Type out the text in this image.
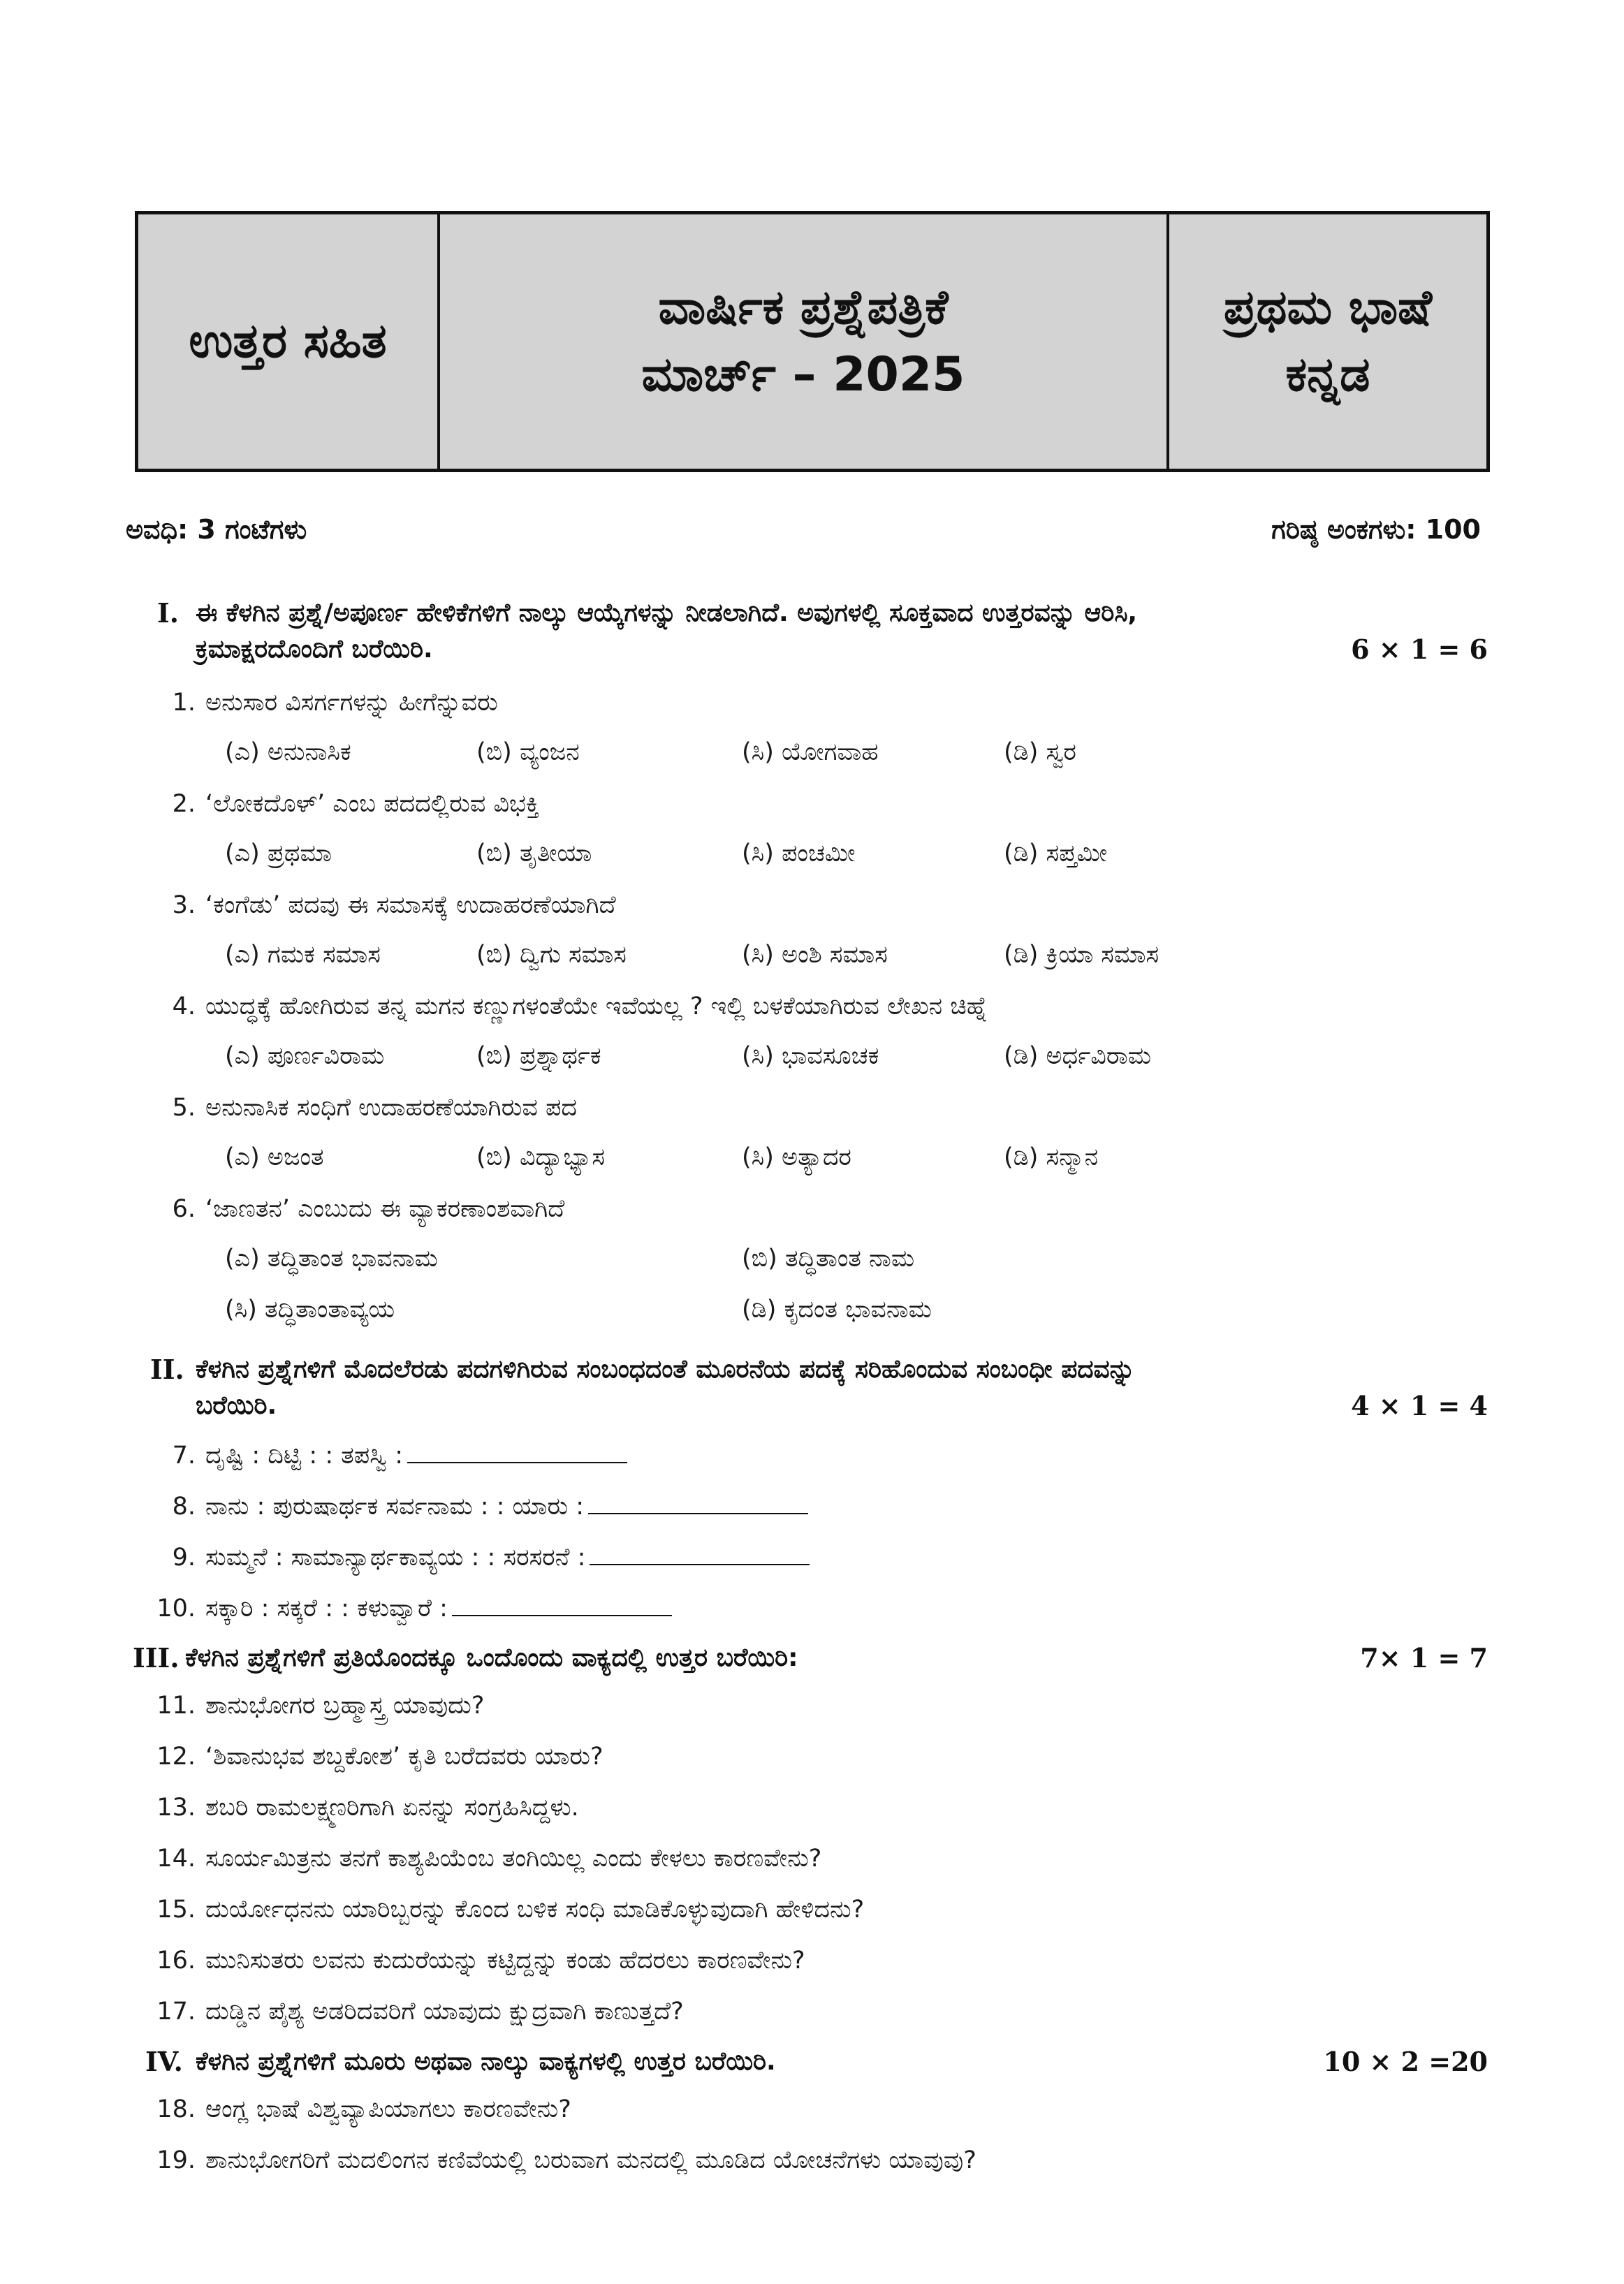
ಉತ್ತರ ಸಹಿತ
ವಾರ್ಷಿಕ ಪ್ರಶ್ನೆಪತ್ರಿಕೆ
ಮಾರ್ಚ್ – 2025
ಪ್ರಥಮ ಭಾಷೆ
ಕನ್ನಡ
ಅವಧಿ: 3 ಗಂಟೆಗಳು	ಗರಿಷ್ಠ ಅಂಕಗಳು: 100
I. ಈ ಕೆಳಗಿನ ಪ್ರಶ್ನೆ/ಅಪೂರ್ಣ ಹೇಳಿಕೆಗಳಿಗೆ ನಾಲ್ಕು ಆಯ್ಕೆಗಳನ್ನು ನೀಡಲಾಗಿದೆ. ಅವುಗಳಲ್ಲಿ ಸೂಕ್ತವಾದ ಉತ್ತರವನ್ನು ಆರಿಸಿ,
ಕ್ರಮಾಕ್ಷರದೊಂದಿಗೆ ಬರೆಯಿರಿ.	6 × 1 = 6
1. ಅನುಸಾರ ವಿಸರ್ಗಗಳನ್ನು ಹೀಗೆನ್ನುವರು
(ಎ) ಅನುನಾಸಿಕ	(ಬಿ) ವ್ಯಂಜನ	(ಸಿ) ಯೋಗವಾಹ	(ಡಿ) ಸ್ವರ
2. ‘ಲೋಕದೊಳ್’ ಎಂಬ ಪದದಲ್ಲಿರುವ ವಿಭಕ್ತಿ
(ಎ) ಪ್ರಥಮಾ	(ಬಿ) ತೃತೀಯಾ	(ಸಿ) ಪಂಚಮೀ	(ಡಿ) ಸಪ್ತಮೀ
3. ‘ಕಂಗೆಡು’ ಪದವು ಈ ಸಮಾಸಕ್ಕೆ ಉದಾಹರಣೆಯಾಗಿದೆ
(ಎ) ಗಮಕ ಸಮಾಸ	(ಬಿ) ದ್ವಿಗು ಸಮಾಸ	(ಸಿ) ಅಂಶಿ ಸಮಾಸ	(ಡಿ) ಕ್ರಿಯಾ ಸಮಾಸ
4. ಯುದ್ಧಕ್ಕೆ ಹೋಗಿರುವ ತನ್ನ ಮಗನ ಕಣ್ಣುಗಳಂತೆಯೇ ಇವೆಯಲ್ಲ ? ಇಲ್ಲಿ ಬಳಕೆಯಾಗಿರುವ ಲೇಖನ ಚಿಹ್ನೆ
(ಎ) ಪೂರ್ಣವಿರಾಮ	(ಬಿ) ಪ್ರಶ್ನಾರ್ಥಕ	(ಸಿ) ಭಾವಸೂಚಕ	(ಡಿ) ಅರ್ಧವಿರಾಮ
5. ಅನುನಾಸಿಕ ಸಂಧಿಗೆ ಉದಾಹರಣೆಯಾಗಿರುವ ಪದ
(ಎ) ಅಜಂತ	(ಬಿ) ವಿದ್ಯಾಭ್ಯಾಸ	(ಸಿ) ಅತ್ಯಾದರ	(ಡಿ) ಸನ್ಮಾನ
6. ‘ಜಾಣತನ’ ಎಂಬುದು ಈ ವ್ಯಾಕರಣಾಂಶವಾಗಿದೆ
(ಎ) ತದ್ಧಿತಾಂತ ಭಾವನಾಮ	(ಬಿ) ತದ್ಧಿತಾಂತ ನಾಮ
(ಸಿ) ತದ್ಧಿತಾಂತಾವ್ಯಯ	(ಡಿ) ಕೃದಂತ ಭಾವನಾಮ
II. ಕೆಳಗಿನ ಪ್ರಶ್ನೆಗಳಿಗೆ ಮೊದಲೆರಡು ಪದಗಳಿಗಿರುವ ಸಂಬಂಧದಂತೆ ಮೂರನೆಯ ಪದಕ್ಕೆ ಸರಿಹೊಂದುವ ಸಂಬಂಧೀ ಪದವನ್ನು
ಬರೆಯಿರಿ.	4 × 1 = 4
7. ದೃಷ್ಟಿ : ದಿಟ್ಟಿ : : ತಪಸ್ವಿ :
8. ನಾನು : ಪುರುಷಾರ್ಥಕ ಸರ್ವನಾಮ : : ಯಾರು :
9. ಸುಮ್ಮನೆ : ಸಾಮಾನ್ಯಾರ್ಥಕಾವ್ಯಯ : : ಸರಸರನೆ :
10. ಸಕ್ಕಾರಿ : ಸಕ್ಕರೆ : : ಕಳುವ್ವಾರೆ :
III. ಕೆಳಗಿನ ಪ್ರಶ್ನೆಗಳಿಗೆ ಪ್ರತಿಯೊಂದಕ್ಕೂ ಒಂದೊಂದು ವಾಕ್ಯದಲ್ಲಿ ಉತ್ತರ ಬರೆಯಿರಿ:	7× 1 = 7
11. ಶಾನುಭೋಗರ ಬ್ರಹ್ಮಾಸ್ತ್ರ ಯಾವುದು?
12. ‘ಶಿವಾನುಭವ ಶಬ್ದಕೋಶ’ ಕೃತಿ ಬರೆದವರು ಯಾರು?
13. ಶಬರಿ ರಾಮಲಕ್ಷ್ಮಣರಿಗಾಗಿ ಏನನ್ನು ಸಂಗ್ರಹಿಸಿದ್ದಳು.
14. ಸೂರ್ಯಮಿತ್ರನು ತನಗೆ ಕಾಶ್ಯಪಿಯೆಂಬ ತಂಗಿಯಿಲ್ಲ ಎಂದು ಕೇಳಲು ಕಾರಣವೇನು?
15. ದುರ್ಯೋಧನನು ಯಾರಿಬ್ಬರನ್ನು ಕೊಂದ ಬಳಿಕ ಸಂಧಿ ಮಾಡಿಕೊಳ್ಳುವುದಾಗಿ ಹೇಳಿದನು?
16. ಮುನಿಸುತರು ಲವನು ಕುದುರೆಯನ್ನು ಕಟ್ಟಿದ್ದನ್ನು ಕಂಡು ಹೆದರಲು ಕಾರಣವೇನು?
17. ದುಡ್ಡಿನ ಪೈಶ್ಯ ಅಡರಿದವರಿಗೆ ಯಾವುದು ಕ್ಷುದ್ರವಾಗಿ ಕಾಣುತ್ತದೆ?
IV. ಕೆಳಗಿನ ಪ್ರಶ್ನೆಗಳಿಗೆ ಮೂರು ಅಥವಾ ನಾಲ್ಕು ವಾಕ್ಯಗಳಲ್ಲಿ ಉತ್ತರ ಬರೆಯಿರಿ.	10 × 2 =20
18. ಆಂಗ್ಲ ಭಾಷೆ ವಿಶ್ವವ್ಯಾಪಿಯಾಗಲು ಕಾರಣವೇನು?
19. ಶಾನುಭೋಗರಿಗೆ ಮದಲಿಂಗನ ಕಣಿವೆಯಲ್ಲಿ ಬರುವಾಗ ಮನದಲ್ಲಿ ಮೂಡಿದ ಯೋಚನೆಗಳು ಯಾವುವು?
